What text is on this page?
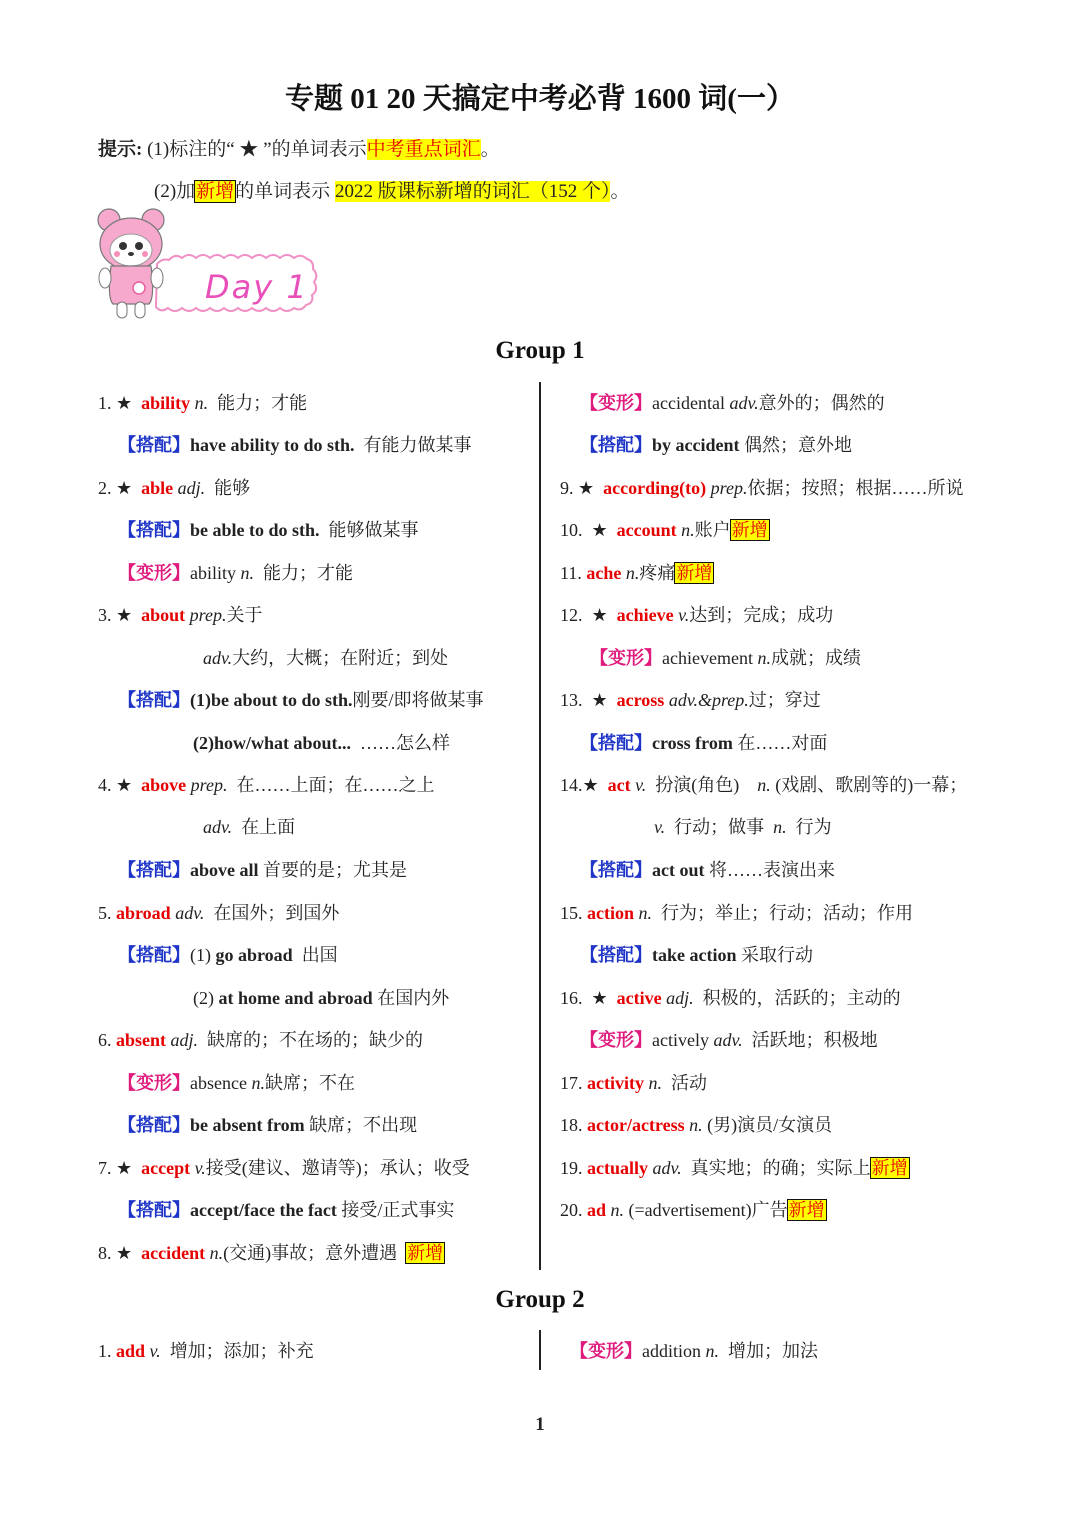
专题 01 20 天搞定中考必背 1600 词(一）
提示: (1)标注的“ ★ ”的单词表示中考重点词汇。
(2)加新增的单词表示 2022 版课标新增的词汇（152 个）。
Day 1
Group 1
1. ★ ability n. 能力；才能
【搭配】have ability to do sth. 有能力做某事
2. ★ able adj. 能够
【搭配】be able to do sth. 能够做某事
【变形】ability n. 能力；才能
3. ★ about prep.关于
adv.大约，大概；在附近；到处
【搭配】(1)be about to do sth.刚要/即将做某事
(2)how/what about... ……怎么样
4. ★ above prep. 在……上面；在……之上
adv. 在上面
【搭配】above all 首要的是；尤其是
5. abroad adv. 在国外；到国外
【搭配】(1) go abroad 出国
(2) at home and abroad 在国内外
6. absent adj. 缺席的；不在场的；缺少的
【变形】absence n.缺席；不在
【搭配】be absent from 缺席；不出现
7. ★ accept v.接受(建议、邀请等)；承认；收受
【搭配】accept/face the fact 接受/正式事实
8. ★ accident n.(交通)事故；意外遭遇 新增
【变形】accidental adv.意外的；偶然的
【搭配】by accident 偶然；意外地
9. ★ according(to) prep.依据；按照；根据……所说
10. ★ account n.账户新增
11. ache n.疼痛新增
12. ★ achieve v.达到；完成；成功
【变形】achievement n.成就；成绩
13. ★ across adv.&prep.过；穿过
【搭配】cross from 在……对面
14.★ act v. 扮演(角色) n. (戏剧、歌剧等的)一幕；
v. 行动；做事 n. 行为
【搭配】act out 将……表演出来
15. action n. 行为；举止；行动；活动；作用
【搭配】take action 采取行动
16. ★ active adj. 积极的，活跃的；主动的
【变形】actively adv. 活跃地；积极地
17. activity n. 活动
18. actor/actress n. (男)演员/女演员
19. actually adv. 真实地；的确；实际上新增
20. ad n. (=advertisement)广告新增
Group 2
1. add v. 增加；添加；补充	【变形】addition n. 增加；加法
1
